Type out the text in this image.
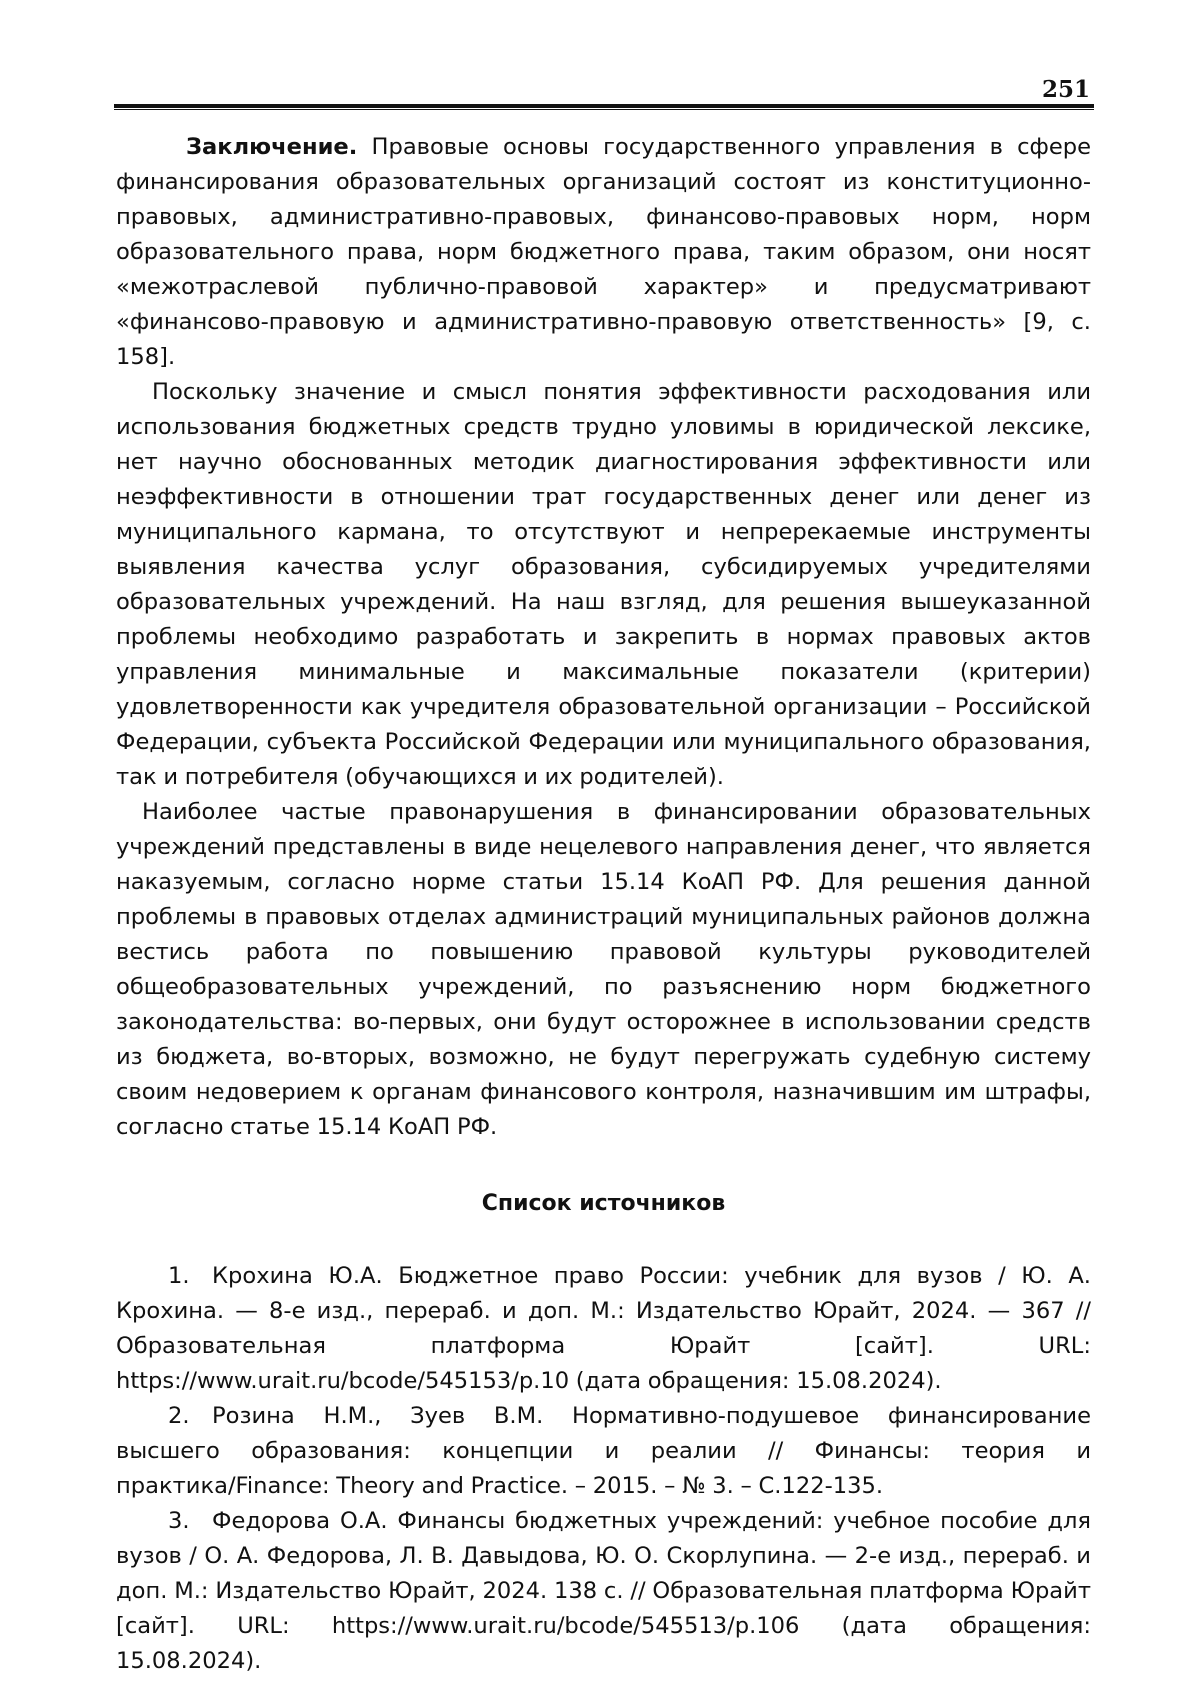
251

Заключение. Правовые основы государственного управления в сфере финансирования образовательных организаций состоят из конституционно-правовых, административно-правовых, финансово-правовых норм, норм образовательного права, норм бюджетного права, таким образом, они носят «межотраслевой публично-правовой характер» и предусматривают «финансово-правовую и административно-правовую ответственность» [9, с. 158].

Поскольку значение и смысл понятия эффективности расходования или использования бюджетных средств трудно уловимы в юридической лексике, нет научно обоснованных методик диагностирования эффективности или неэффективности в отношении трат государственных денег или денег из муниципального кармана, то отсутствуют и непререкаемые инструменты выявления качества услуг образования, субсидируемых учредителями образовательных учреждений. На наш взгляд, для решения вышеуказанной проблемы необходимо разработать и закрепить в нормах правовых актов управления минимальные и максимальные показатели (критерии) удовлетворенности как учредителя образовательной организации – Российской Федерации, субъекта Российской Федерации или муниципального образования, так и потребителя (обучающихся и их родителей).

Наиболее частые правонарушения в финансировании образовательных учреждений представлены в виде нецелевого направления денег, что является наказуемым, согласно норме статьи 15.14 КоАП РФ. Для решения данной проблемы в правовых отделах администраций муниципальных районов должна вестись работа по повышению правовой культуры руководителей общеобразовательных учреждений, по разъяснению норм бюджетного законодательства: во-первых, они будут осторожнее в использовании средств из бюджета, во-вторых, возможно, не будут перегружать судебную систему своим недоверием к органам финансового контроля, назначившим им штрафы, согласно статье 15.14 КоАП РФ.

Список источников

1. Крохина Ю.А. Бюджетное право России: учебник для вузов / Ю. А. Крохина. — 8-е изд., перераб. и доп. М.: Издательство Юрайт, 2024. — 367 // Образовательная платформа Юрайт [сайт]. URL: https://www.urait.ru/bcode/545153/p.10 (дата обращения: 15.08.2024).

2. Розина Н.М., Зуев В.М. Нормативно-подушевое финансирование высшего образования: концепции и реалии // Финансы: теория и практика/Finance: Theory and Practice. – 2015. – № 3. – С.122-135.

3. Федорова О.А. Финансы бюджетных учреждений: учебное пособие для вузов / О. А. Федорова, Л. В. Давыдова, Ю. О. Скорлупина. — 2-е изд., перераб. и доп. М.: Издательство Юрайт, 2024. 138 с. // Образовательная платформа Юрайт [сайт]. URL: https://www.urait.ru/bcode/545513/p.106 (дата обращения: 15.08.2024).
